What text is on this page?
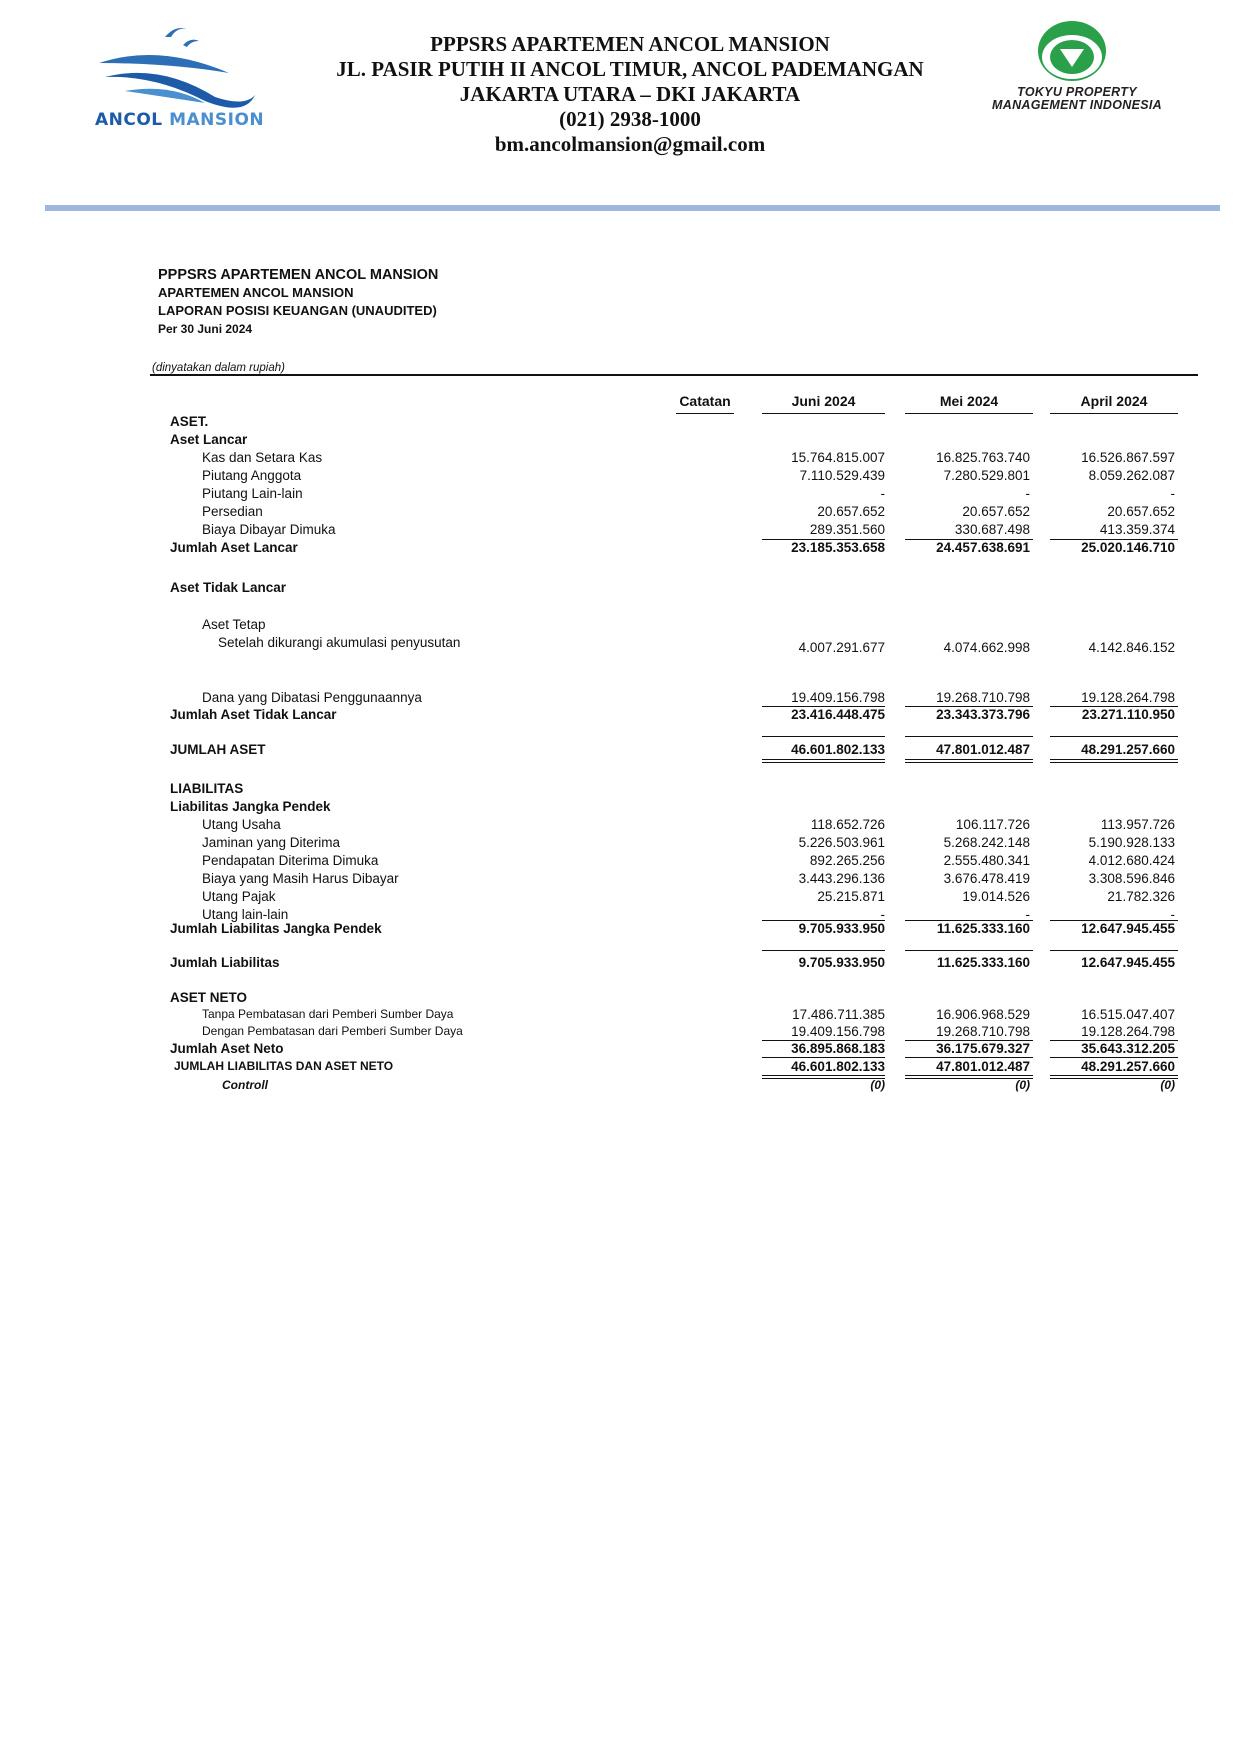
ANCOL MANSION
PPPSRS APARTEMEN ANCOL MANSION
JL. PASIR PUTIH II ANCOL TIMUR, ANCOL PADEMANGAN
JAKARTA UTARA – DKI JAKARTA
(021) 2938-1000
bm.ancolmansion@gmail.com
TOKYU PROPERTY
MANAGEMENT INDONESIA
PPPSRS APARTEMEN ANCOL MANSION
APARTEMEN ANCOL MANSION
LAPORAN POSISI KEUANGAN (UNAUDITED)
Per 30 Juni 2024
(dinyatakan dalam rupiah)
Catatan	Juni 2024	Mei 2024	April 2024
ASET.
Aset Lancar
Kas dan Setara Kas	15.764.815.007	16.825.763.740	16.526.867.597
Piutang Anggota	7.110.529.439	7.280.529.801	8.059.262.087
Piutang Lain-lain	-	-	-
Persedian	20.657.652	20.657.652	20.657.652
Biaya Dibayar Dimuka	289.351.560	330.687.498	413.359.374
Jumlah Aset Lancar	23.185.353.658	24.457.638.691	25.020.146.710
Aset Tidak Lancar
Aset Tetap
Setelah dikurangi akumulasi penyusutan	4.007.291.677	4.074.662.998	4.142.846.152
Dana yang Dibatasi Penggunaannya	19.409.156.798	19.268.710.798	19.128.264.798
Jumlah Aset Tidak Lancar	23.416.448.475	23.343.373.796	23.271.110.950
JUMLAH ASET	46.601.802.133	47.801.012.487	48.291.257.660
LIABILITAS
Liabilitas Jangka Pendek
Utang Usaha	118.652.726	106.117.726	113.957.726
Jaminan yang Diterima	5.226.503.961	5.268.242.148	5.190.928.133
Pendapatan Diterima Dimuka	892.265.256	2.555.480.341	4.012.680.424
Biaya yang Masih Harus Dibayar	3.443.296.136	3.676.478.419	3.308.596.846
Utang Pajak	25.215.871	19.014.526	21.782.326
Utang lain-lain	-	-	-
Jumlah Liabilitas Jangka Pendek	9.705.933.950	11.625.333.160	12.647.945.455
Jumlah Liabilitas	9.705.933.950	11.625.333.160	12.647.945.455
ASET NETO
Tanpa Pembatasan dari Pemberi Sumber Daya	17.486.711.385	16.906.968.529	16.515.047.407
Dengan Pembatasan dari Pemberi Sumber Daya	19.409.156.798	19.268.710.798	19.128.264.798
Jumlah Aset Neto	36.895.868.183	36.175.679.327	35.643.312.205
JUMLAH LIABILITAS DAN ASET NETO	46.601.802.133	47.801.012.487	48.291.257.660
Controll	(0)	(0)	(0)
